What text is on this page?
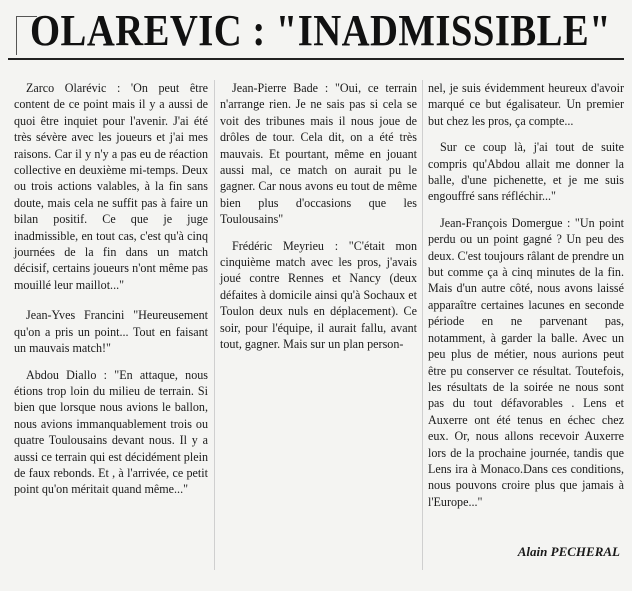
OLAREVIC : "INADMISSIBLE"

Zarco Olarévic : 'On peut être content de ce point mais il y a aussi de quoi être inquiet pour l'avenir. J'ai été très sévère avec les joueurs et j'ai mes raisons. Car il y n'y a pas eu de réaction collective en deuxième mi-temps. Deux ou trois actions valables, à la fin sans doute, mais cela ne suffit pas à faire un bilan positif. Ce que je juge inadmissible, en tout cas, c'est qu'à cinq journées de la fin dans un match décisif, certains joueurs n'ont même pas mouillé leur maillot..."

Jean-Yves Francini "Heureusement qu'on a pris un point... Tout en faisant un mauvais match!"

Abdou Diallo : "En attaque, nous étions trop loin du milieu de terrain. Si bien que lorsque nous avions le ballon, nous avions immanquablement trois ou quatre Toulousains devant nous. Il y a aussi ce terrain qui est décidément plein de faux rebonds. Et , à l'arrivée, ce petit point qu'on méritait quand même..."

Jean-Pierre Bade : "Oui, ce terrain n'arrange rien. Je ne sais pas si cela se voit des tribunes mais il nous joue de drôles de tour. Cela dit, on a été très mauvais. Et pourtant, même en jouant aussi mal, ce match on aurait pu le gagner. Car nous avons eu tout de même bien plus d'occasions que les Toulousains"

Frédéric Meyrieu : "C'était mon cinquième match avec les pros, j'avais joué contre Rennes et Nancy (deux défaites à domicile ainsi qu'à Sochaux et Toulon deux nuls en déplacement). Ce soir, pour l'équipe, il aurait fallu, avant tout, gagner. Mais sur un plan person-

nel, je suis évidemment heureux d'avoir marqué ce but égalisateur. Un premier but chez les pros, ça compte...

Sur ce coup là, j'ai tout de suite compris qu'Abdou allait me donner la balle, d'une pichenette, et je me suis engouffré sans réfléchir..."

Jean-François Domergue : "Un point perdu ou un point gagné ? Un peu des deux. C'est toujours râlant de prendre un but comme ça à cinq minutes de la fin. Mais d'un autre côté, nous avons laissé apparaître certaines lacunes en seconde période en ne parvenant pas, notamment, à garder la balle. Avec un peu plus de métier, nous aurions peut être pu conserver ce résultat. Toutefois, les résultats de la soirée ne nous sont pas du tout défavorables . Lens et Auxerre ont été tenus en échec chez eux. Or, nous allons recevoir Auxerre lors de la prochaine journée, tandis que Lens ira à Monaco.Dans ces conditions, nous pouvons croire plus que jamais à l'Europe..."

Alain PECHERAL
